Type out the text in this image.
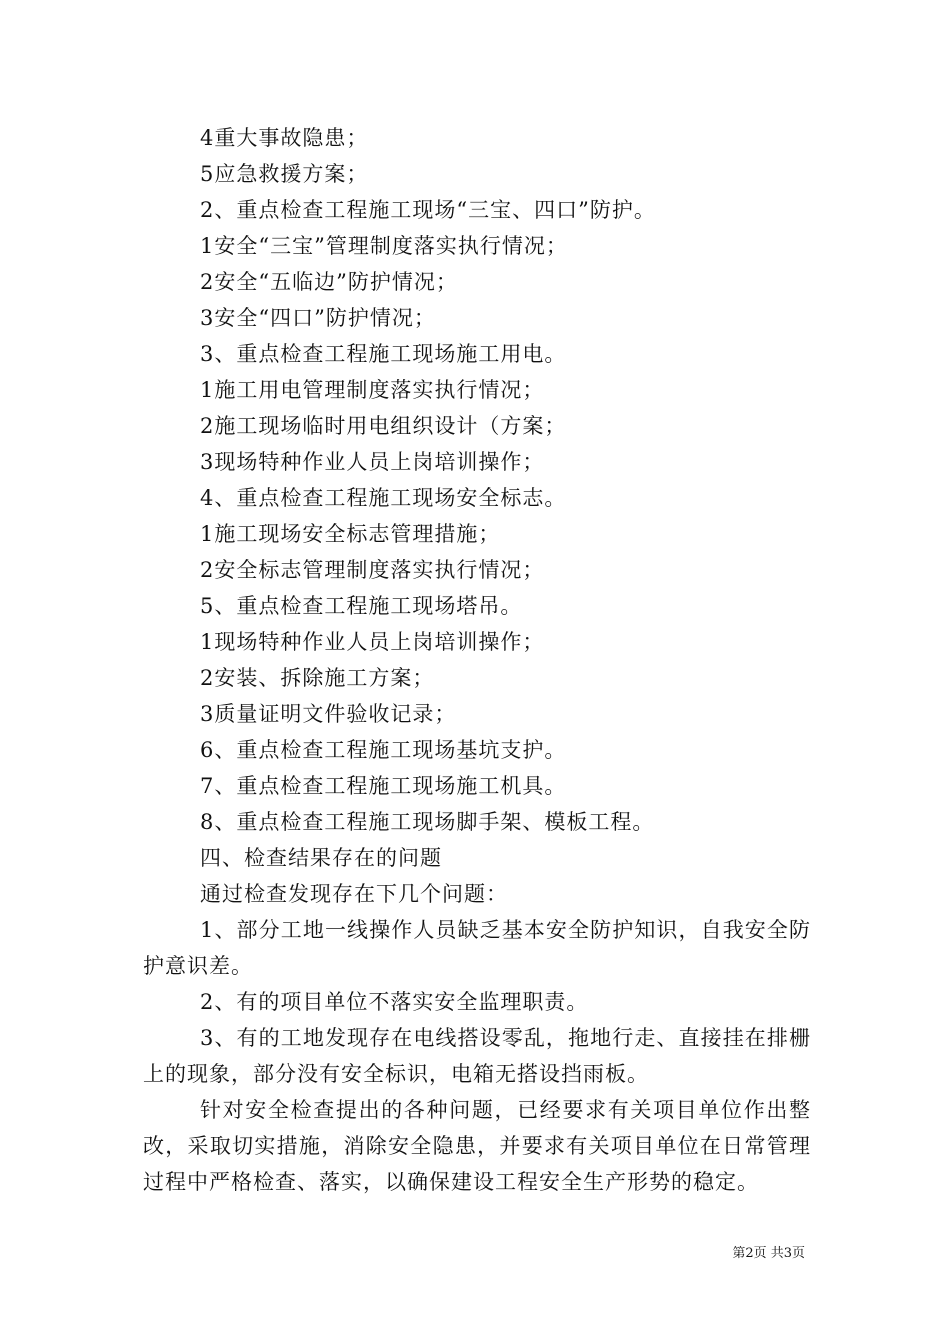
4重大事故隐患；
5应急救援方案；
2、重点检查工程施工现场“三宝、四口”防护。
1安全“三宝”管理制度落实执行情况；
2安全“五临边”防护情况；
3安全“四口”防护情况；
3、重点检查工程施工现场施工用电。
1施工用电管理制度落实执行情况；
2施工现场临时用电组织设计（方案；
3现场特种作业人员上岗培训操作；
4、重点检查工程施工现场安全标志。
1施工现场安全标志管理措施；
2安全标志管理制度落实执行情况；
5、重点检查工程施工现场塔吊。
1现场特种作业人员上岗培训操作；
2安装、拆除施工方案；
3质量证明文件验收记录；
6、重点检查工程施工现场基坑支护。
7、重点检查工程施工现场施工机具。
8、重点检查工程施工现场脚手架、模板工程。
四、检查结果存在的问题
通过检查发现存在下几个问题：
1、部分工地一线操作人员缺乏基本安全防护知识，自我安全防护意识差。
2、有的项目单位不落实安全监理职责。
3、有的工地发现存在电线搭设零乱，拖地行走、直接挂在排栅上的现象，部分没有安全标识，电箱无搭设挡雨板。
针对安全检查提出的各种问题，已经要求有关项目单位作出整改，采取切实措施，消除安全隐患，并要求有关项目单位在日常管理过程中严格检查、落实，以确保建设工程安全生产形势的稳定。
第2页 共3页
